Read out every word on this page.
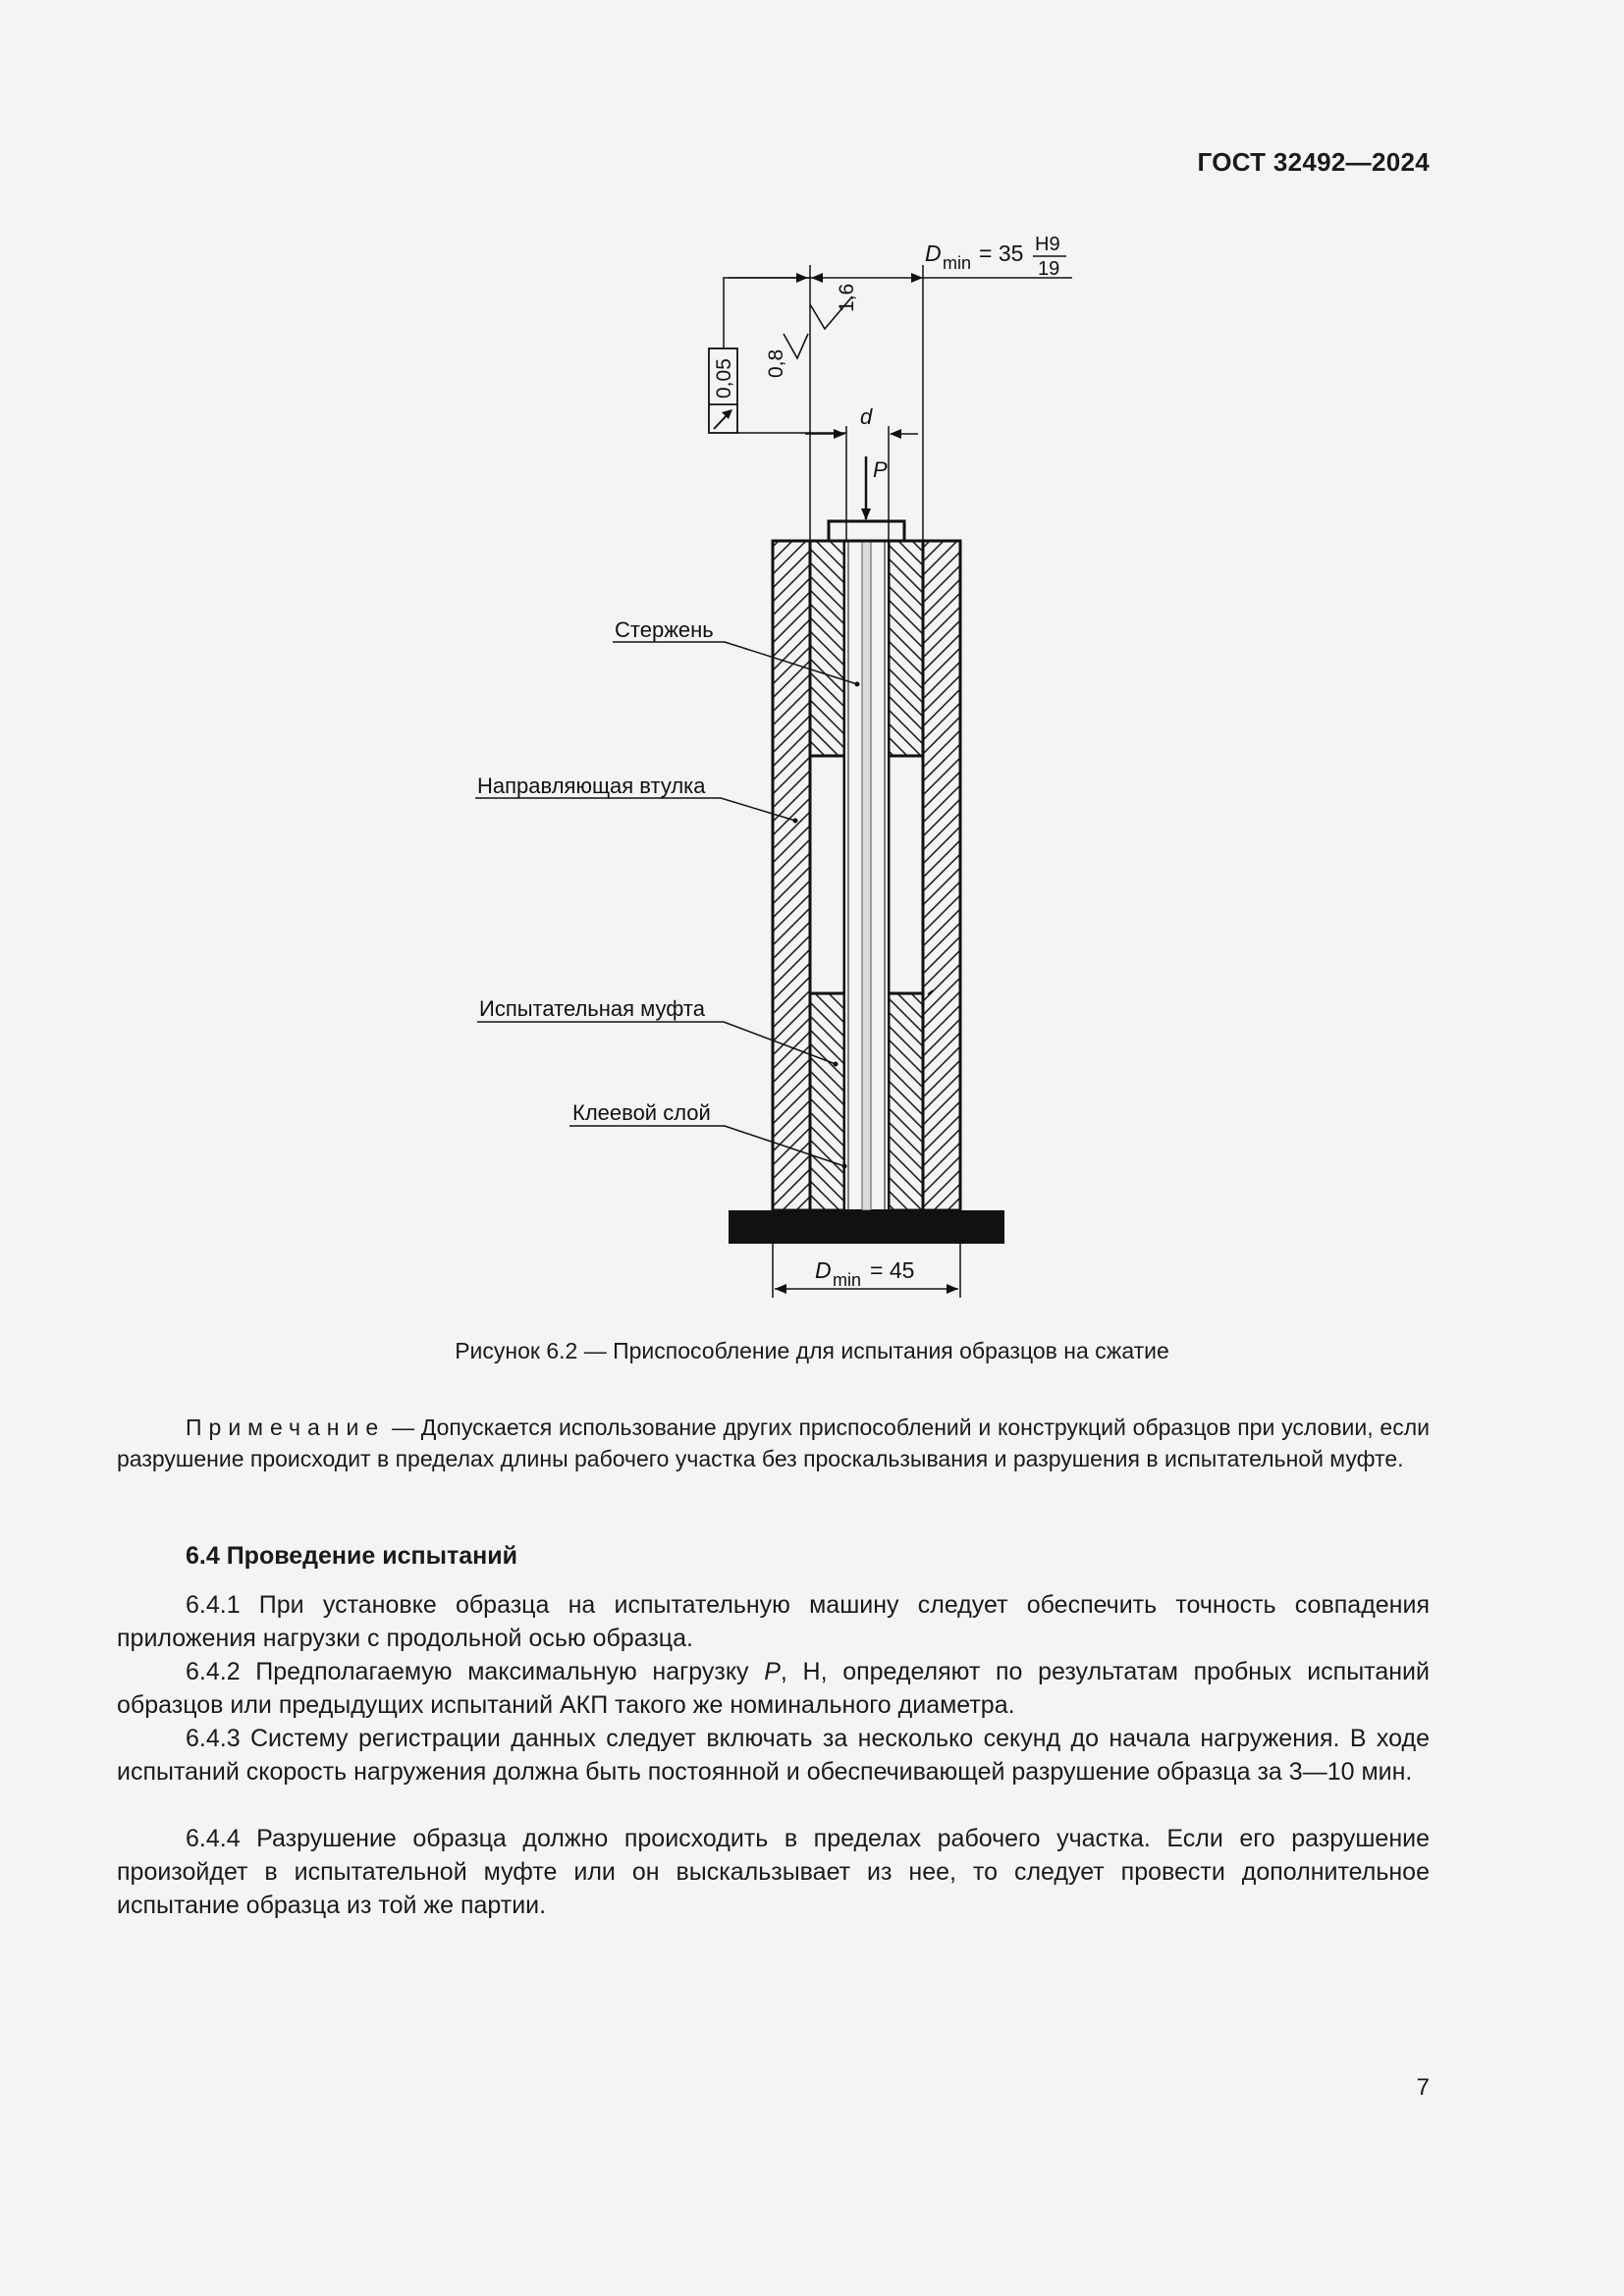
ГОСТ 32492—2024
P
d
D min = 35 H9
19
1,6
0,8
0,05
Стержень
Направляющая втулка
Испытательная муфта
Клеевой слой
D min = 45
Рисунок 6.2 — Приспособление для испытания образцов на сжатие
Примечание — Допускается использование других приспособлений и конструкций образцов при условии, если разрушение происходит в пределах длины рабочего участка без проскальзывания и разрушения в испытательной муфте.
6.4 Проведение испытаний
6.4.1 При установке образца на испытательную машину следует обеспечить точность совпадения приложения нагрузки с продольной осью образца.
6.4.2 Предполагаемую максимальную нагрузку P, Н, определяют по результатам пробных испытаний образцов или предыдущих испытаний АКП такого же номинального диаметра.
6.4.3 Систему регистрации данных следует включать за несколько секунд до начала нагружения. В ходе испытаний скорость нагружения должна быть постоянной и обеспечивающей разрушение образца за 3—10 мин.
6.4.4 Разрушение образца должно происходить в пределах рабочего участка. Если его разрушение произойдет в испытательной муфте или он выскальзывает из нее, то следует провести дополнительное испытание образца из той же партии.
7
